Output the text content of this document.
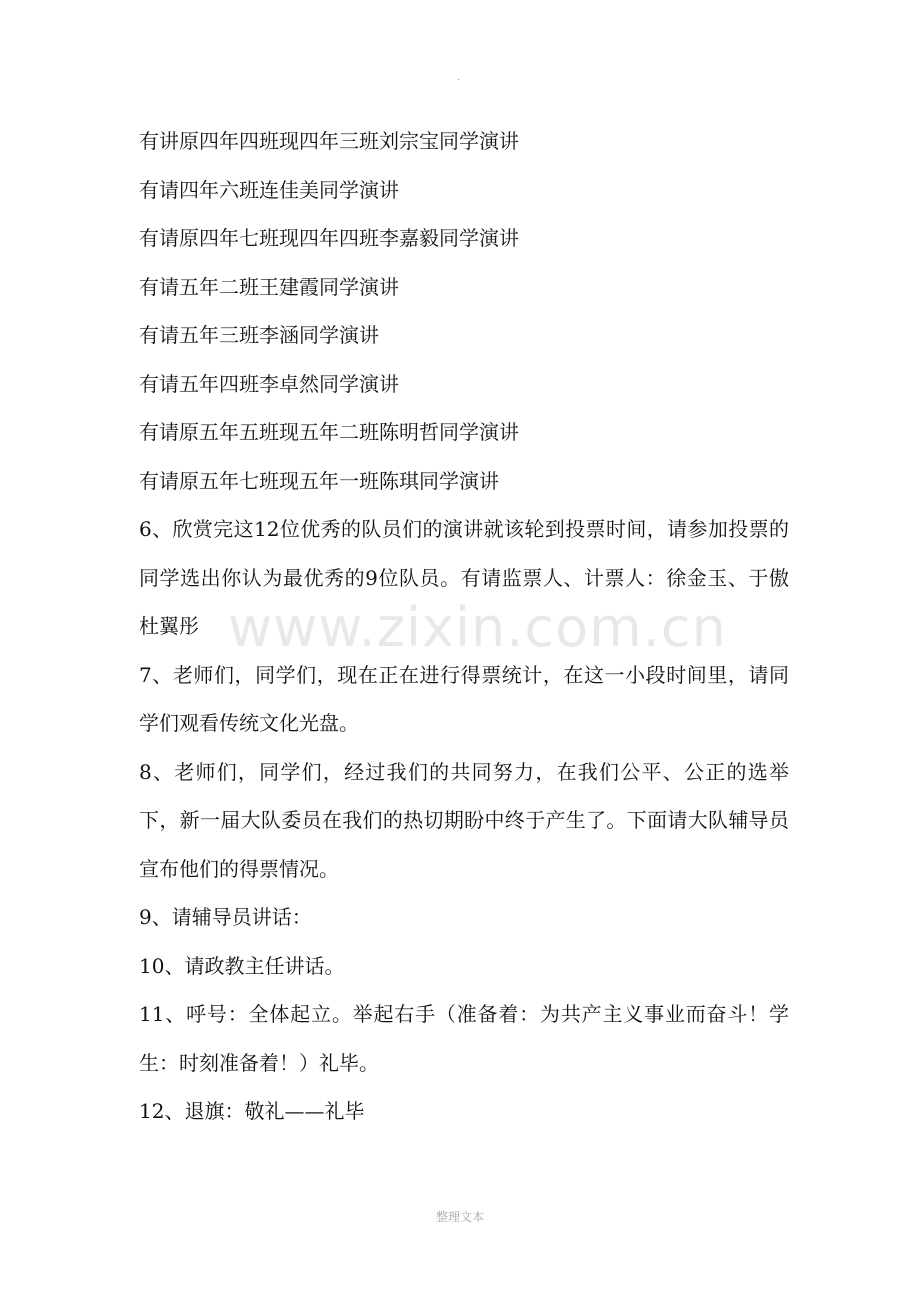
.
有讲原四年四班现四年三班刘宗宝同学演讲
有请四年六班连佳美同学演讲
有请原四年七班现四年四班李嘉毅同学演讲
有请五年二班王建霞同学演讲
有请五年三班李涵同学演讲
有请五年四班李卓然同学演讲
有请原五年五班现五年二班陈明哲同学演讲
有请原五年七班现五年一班陈琪同学演讲

6、欣赏完这12位优秀的队员们的演讲就该轮到投票时间，请参加投票的同学选出你认为最优秀的9位队员。有请监票人、计票人：徐金玉、于傲　杜翼彤

7、老师们，同学们，现在正在进行得票统计，在这一小段时间里，请同学们观看传统文化光盘。

8、老师们，同学们，经过我们的共同努力，在我们公平、公正的选举下，新一届大队委员在我们的热切期盼中终于产生了。下面请大队辅导员宣布他们的得票情况。

9、请辅导员讲话：

10、请政教主任讲话。

11、呼号：全体起立。举起右手（准备着：为共产主义事业而奋斗！学生：时刻准备着！）礼毕。

12、退旗：敬礼——礼毕

www.zixin.com.cn
整理文本
